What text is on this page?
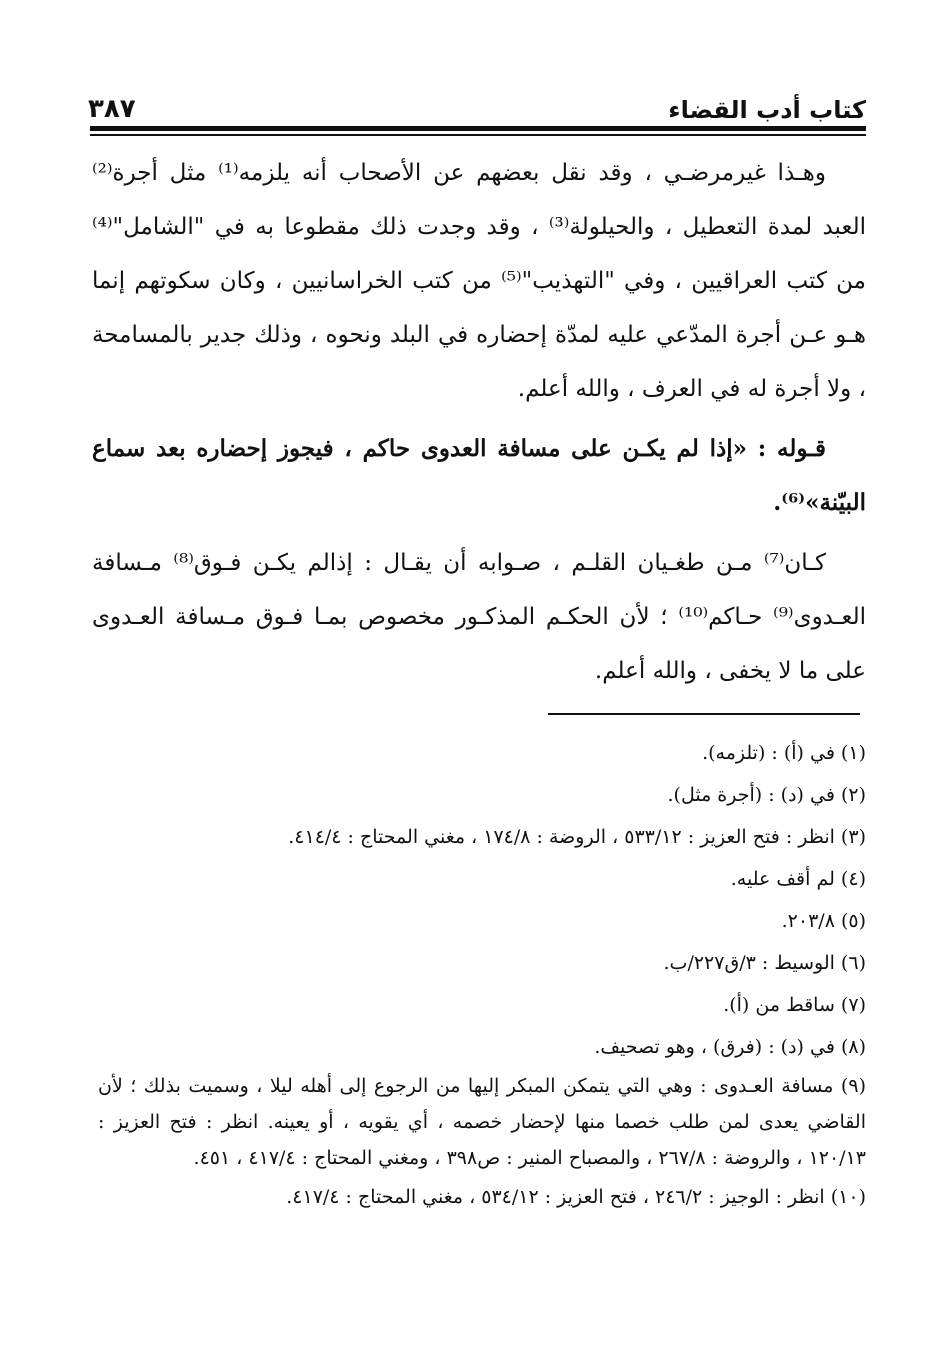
كتاب أدب القضاء
٣٨٧

وهـذا غيرمرضـي ، وقد نقل بعضهم عن الأصحاب أنه يلزمه⁽¹⁾ مثل أجرة⁽²⁾ العبد لمدة التعطيل ، والحيلولة⁽³⁾ ، وقد وجدت ذلك مقطوعا به في "الشامل"⁽⁴⁾ من كتب العراقيين ، وفي "التهذيب"⁽⁵⁾ من كتب الخراسانيين ، وكان سكوتهم إنما هـو عـن أجرة المدّعي عليه لمدّة إحضاره في البلد ونحوه ، وذلك جدير بالمسامحة ، ولا أجرة له في العرف ، والله أعلم.

قـوله : «إذا لم يكـن على مسافة العدوى حاكم ، فيجوز إحضاره بعد سماع البيّنة»⁽⁶⁾.

كـان⁽⁷⁾ مـن طغـيان القلـم ، صـوابه أن يقـال : إذالم يكـن فـوق⁽⁸⁾ مـسافة العـدوى⁽⁹⁾ حـاكم⁽¹⁰⁾ ؛ لأن الحكـم المذكـور مخصوص بمـا فـوق مـسافة العـدوى على ما لا يخفى ، والله أعلم.

(١) في (أ) : (تلزمه).
(٢) في (د) : (أجرة مثل).
(٣) انظر : فتح العزيز : ٥٣٣/١٢ ، الروضة : ١٧٤/٨ ، مغني المحتاج : ٤١٤/٤.
(٤) لم أقف عليه.
(٥) ٢٠٣/٨.
(٦) الوسيط : ٣/ق٢٢٧/ب.
(٧) ساقط من (أ).
(٨) في (د) : (فرق) ، وهو تصحيف.
(٩) مسافة العـدوى : وهي التي يتمكن المبكر إليها من الرجوع إلى أهله ليلا ، وسميت بذلك ؛ لأن القاضي يعدى لمن طلب خصما منها لإحضار خصمه ، أي يقويه ، أو يعينه. انظر : فتح العزيز : ١٢٠/١٣ ، والروضة : ٢٦٧/٨ ، والمصباح المنير : ص٣٩٨ ، ومغني المحتاج : ٤١٧/٤ ، ٤٥١.
(١٠) انظر : الوجيز : ٢٤٦/٢ ، فتح العزيز : ٥٣٤/١٢ ، مغني المحتاج : ٤١٧/٤.
